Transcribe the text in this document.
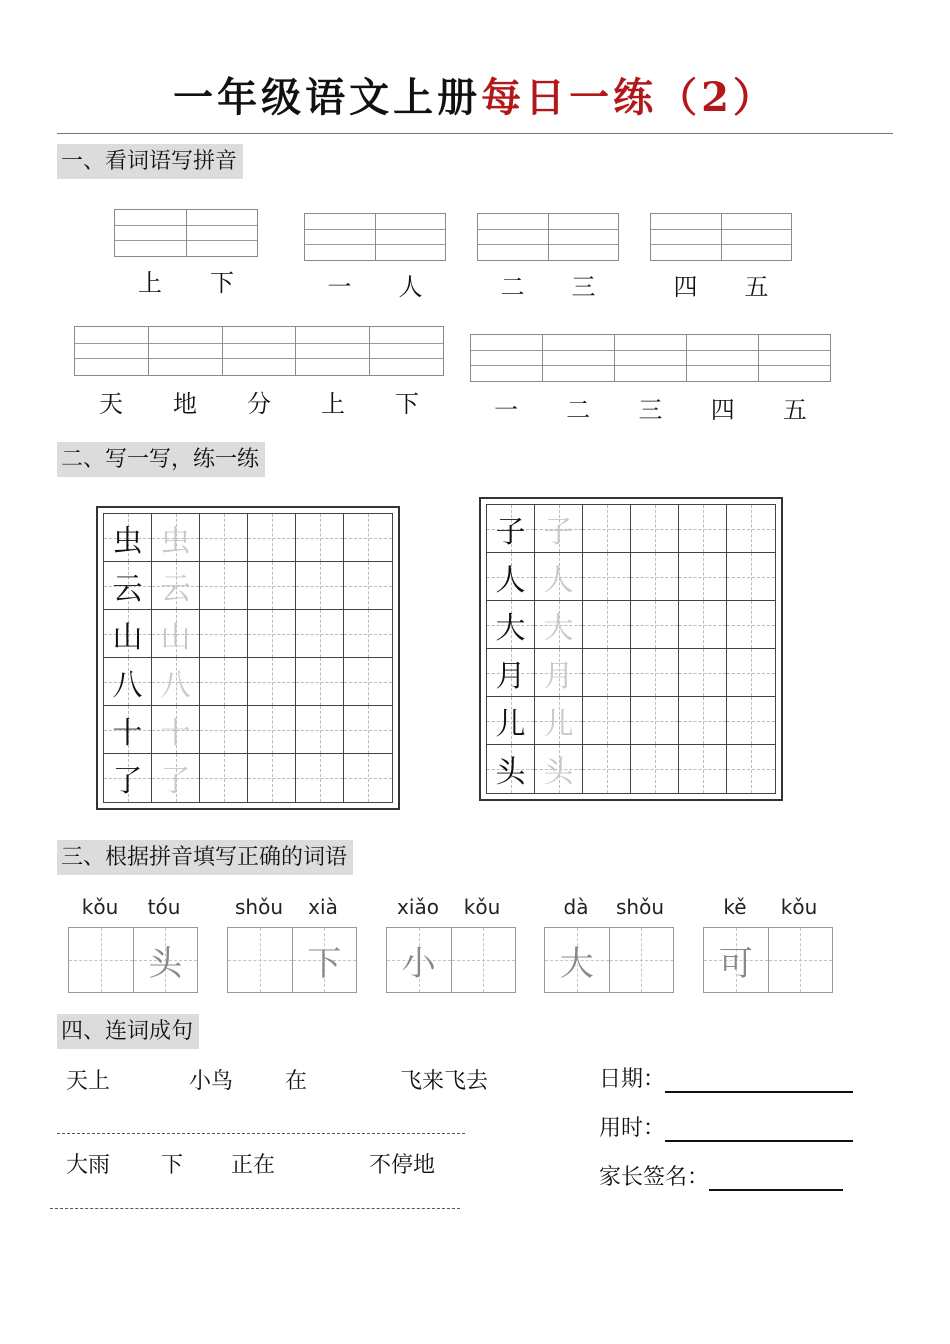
一年级语文上册每日一练（2）
一、看词语写拼音
上	下	一	人	二	三	四	五
天	地	分	上	下	一	二	三	四	五
二、写一写，练一练
虫 虫
云 云
山 山
八 八
十 十
了 了
子 子
人 人
大 大
月 月
儿 儿
头 头
三、根据拼音填写正确的词语
kǒu	tóu
头
shǒu	xià
下
xiǎo	kǒu
小
dà	shǒu
大
kě	kǒu
可
四、连词成句
天上	小鸟 在	飞来飞去
大雨 下 正在	不停地
日期：
用时：
家长签名：
